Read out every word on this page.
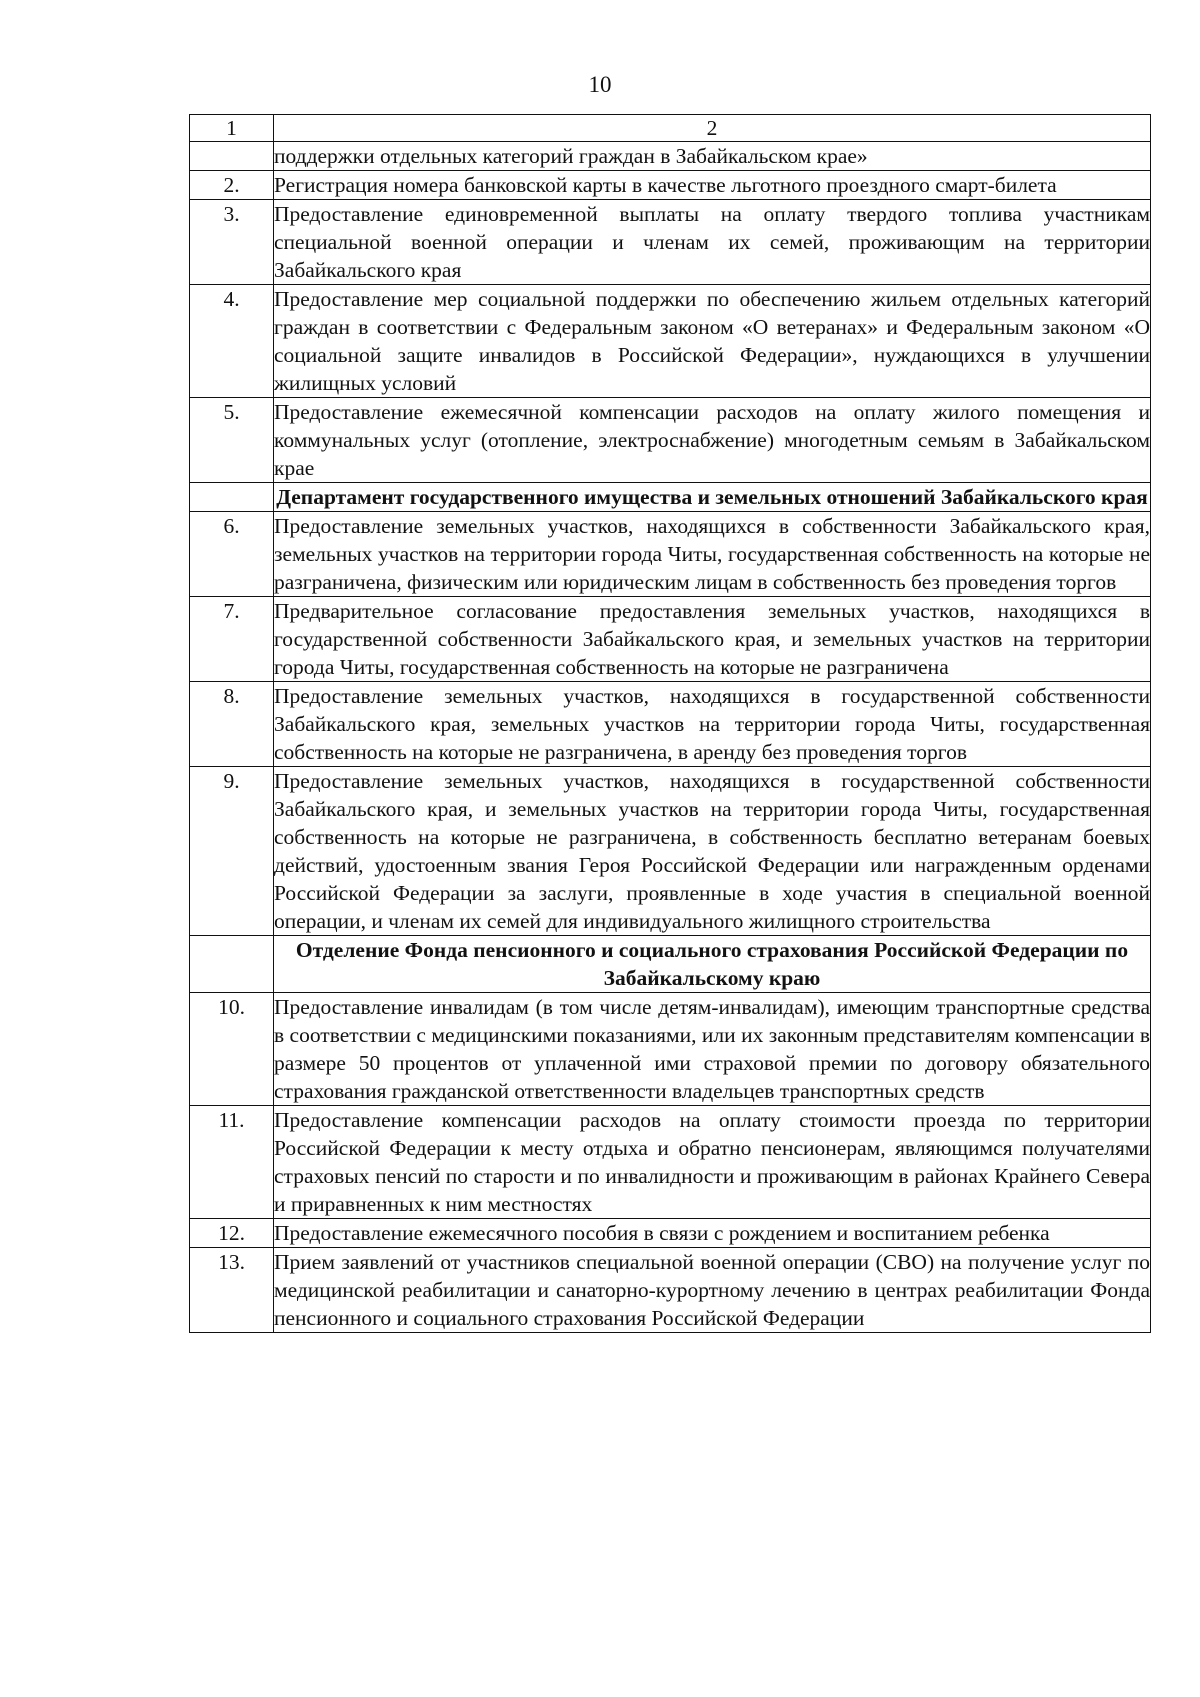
10
1	2
	поддержки отдельных категорий граждан в Забайкальском крае»
2.	Регистрация номера банковской карты в качестве льготного проездного смарт-билета
3.	Предоставление единовременной выплаты на оплату твердого топлива участникам специальной военной операции и членам их семей, проживающим на территории Забайкальского края
4.	Предоставление мер социальной поддержки по обеспечению жильем отдельных категорий граждан в соответствии с Федеральным законом «О ветеранах» и Федеральным законом «О социальной защите инвалидов в Российской Федерации», нуждающихся в улучшении жилищных условий
5.	Предоставление ежемесячной компенсации расходов на оплату жилого помещения и коммунальных услуг (отопление, электроснабжение) многодетным семьям в Забайкальском крае
	Департамент государственного имущества и земельных отношений Забайкальского края
6.	Предоставление земельных участков, находящихся в собственности Забайкальского края, земельных участков на территории города Читы, государственная собственность на которые не разграничена, физическим или юридическим лицам в собственность без проведения торгов
7.	Предварительное согласование предоставления земельных участков, находящихся в государственной собственности Забайкальского края, и земельных участков на территории города Читы, государственная собственность на которые не разграничена
8.	Предоставление земельных участков, находящихся в государственной собственности Забайкальского края, земельных участков на территории города Читы, государственная собственность на которые не разграничена, в аренду без проведения торгов
9.	Предоставление земельных участков, находящихся в государственной собственности Забайкальского края, и земельных участков на территории города Читы, государственная собственность на которые не разграничена, в собственность бесплатно ветеранам боевых действий, удостоенным звания Героя Российской Федерации или награжденным орденами Российской Федерации за заслуги, проявленные в ходе участия в специальной военной операции, и членам их семей для индивидуального жилищного строительства
	Отделение Фонда пенсионного и социального страхования Российской Федерации по Забайкальскому краю
10.	Предоставление инвалидам (в том числе детям-инвалидам), имеющим транспортные средства в соответствии с медицинскими показаниями, или их законным представителям компенсации в размере 50 процентов от уплаченной ими страховой премии по договору обязательного страхования гражданской ответственности владельцев транспортных средств
11.	Предоставление компенсации расходов на оплату стоимости проезда по территории Российской Федерации к месту отдыха и обратно пенсионерам, являющимся получателями страховых пенсий по старости и по инвалидности и проживающим в районах Крайнего Севера и приравненных к ним местностях
12.	Предоставление ежемесячного пособия в связи с рождением и воспитанием ребенка
13.	Прием заявлений от участников специальной военной операции (СВО) на получение услуг по медицинской реабилитации и санаторно-курортному лечению в центрах реабилитации Фонда пенсионного и социального страхования Российской Федерации
